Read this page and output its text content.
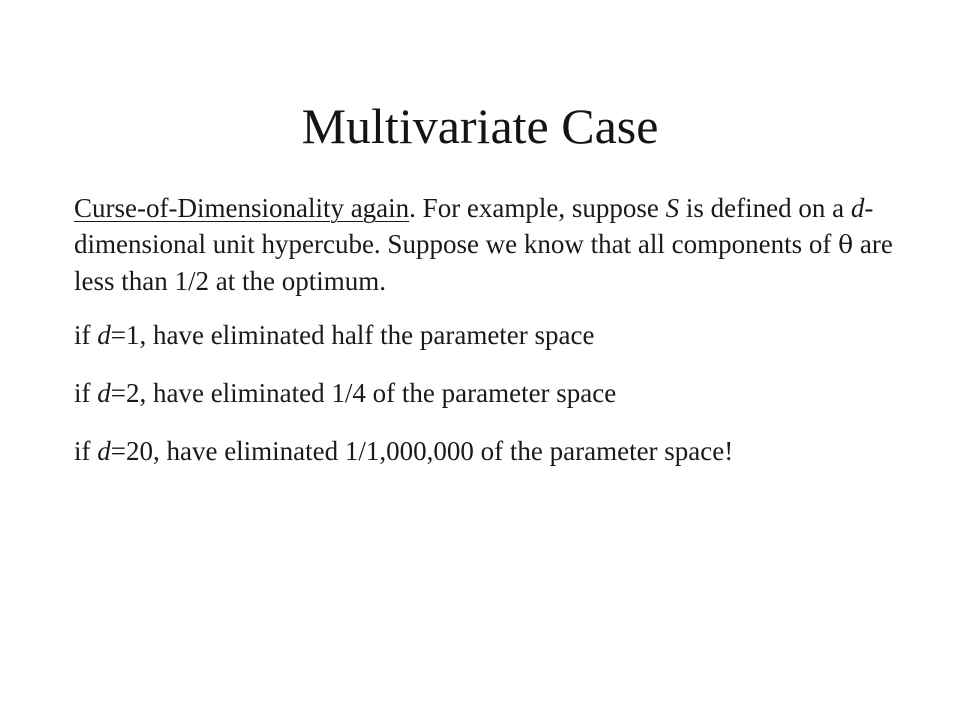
Multivariate Case

Curse-of-Dimensionality again. For example, suppose S is defined on a d-dimensional unit hypercube. Suppose we know that all components of θ are less than 1/2 at the optimum.

if d=1, have eliminated half the parameter space

if d=2, have eliminated 1/4 of the parameter space

if d=20, have eliminated 1/1,000,000 of the parameter space!
